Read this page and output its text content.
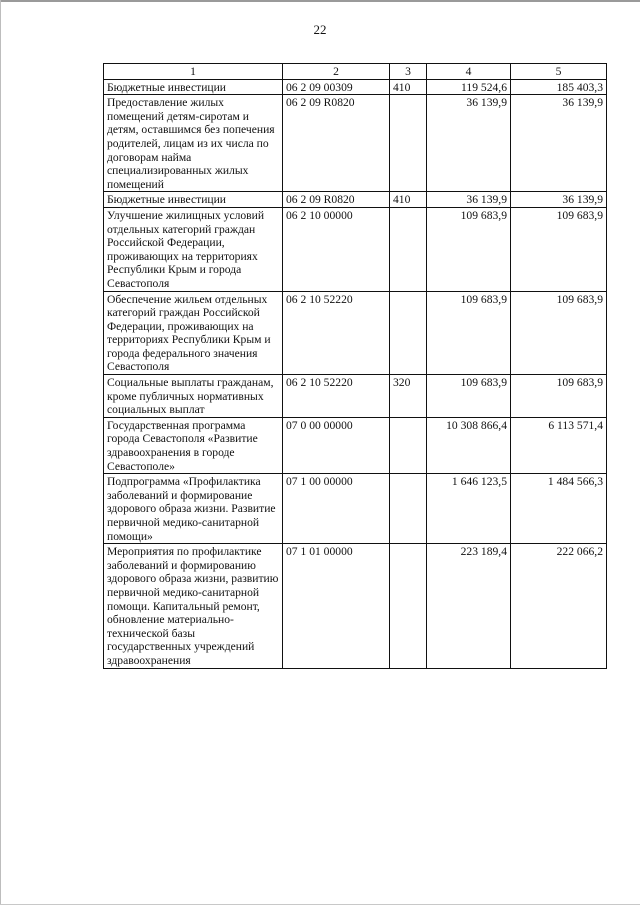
22
1	2	3	4	5
Бюджетные инвестиции	06 2 09 00309	410	119 524,6	185 403,3
Предоставление жилых помещений детям-сиротам и детям, оставшимся без попечения родителей, лицам из их числа по договорам найма специализированных жилых помещений	06 2 09 R0820		36 139,9	36 139,9
Бюджетные инвестиции	06 2 09 R0820	410	36 139,9	36 139,9
Улучшение жилищных условий отдельных категорий граждан Российской Федерации, проживающих на территориях Республики Крым и города Севастополя	06 2 10 00000		109 683,9	109 683,9
Обеспечение жильем отдельных категорий граждан Российской Федерации, проживающих на территориях Республики Крым и города федерального значения Севастополя	06 2 10 52220		109 683,9	109 683,9
Социальные выплаты гражданам, кроме публичных нормативных социальных выплат	06 2 10 52220	320	109 683,9	109 683,9
Государственная программа города Севастополя «Развитие здравоохранения в городе Севастополе»	07 0 00 00000		10 308 866,4	6 113 571,4
Подпрограмма «Профилактика заболеваний и формирование здорового образа жизни. Развитие первичной медико-санитарной помощи»	07 1 00 00000		1 646 123,5	1 484 566,3
Мероприятия по профилактике заболеваний и формированию здорового образа жизни, развитию первичной медико-санитарной помощи. Капитальный ремонт, обновление материально-технической базы государственных учреждений здравоохранения	07 1 01 00000		223 189,4	222 066,2
